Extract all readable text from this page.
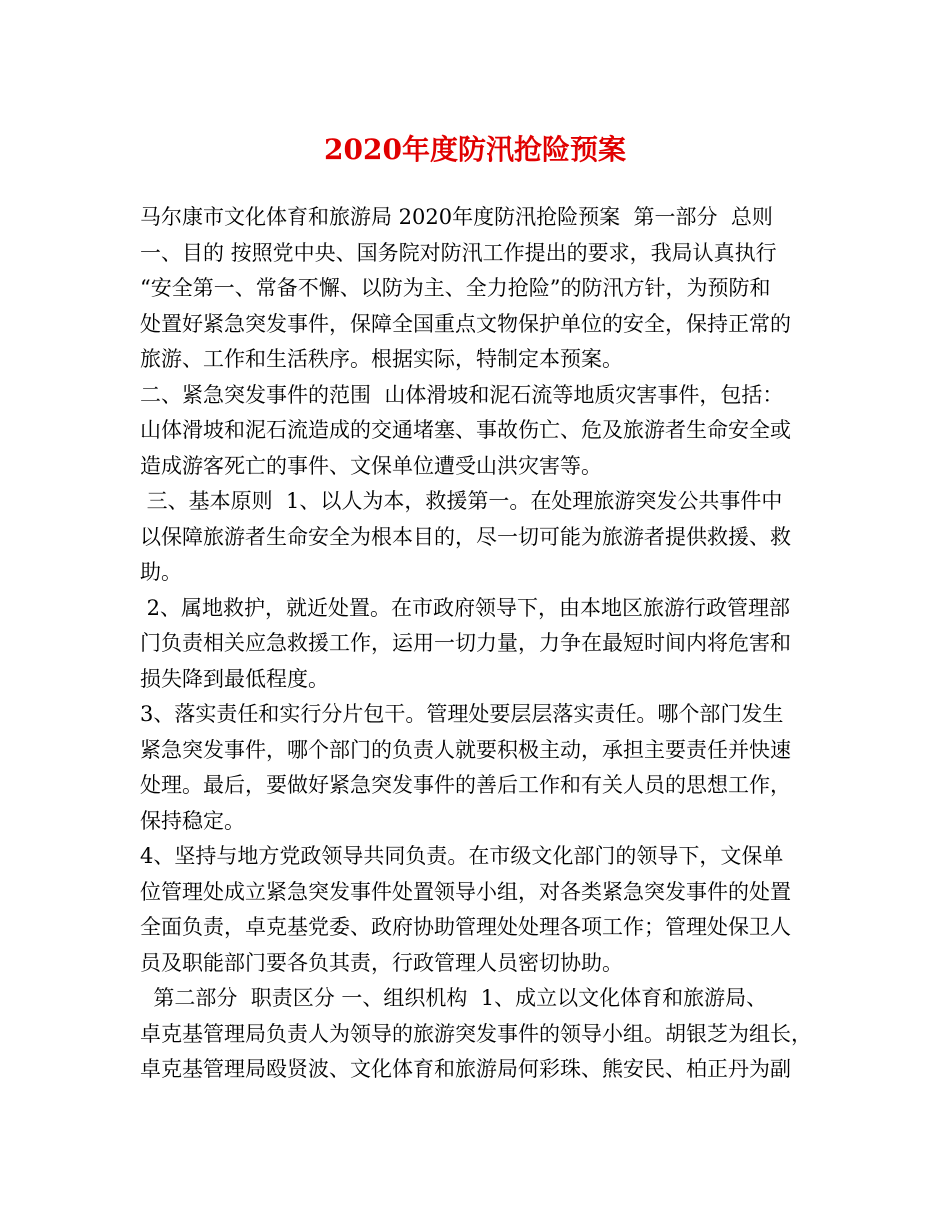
2020年度防汛抢险预案
马尔康市文化体育和旅游局 2020年度防汛抢险预案  第一部分  总则
一、目的 按照党中央、国务院对防汛工作提出的要求，我局认真执行
“安全第一、常备不懈、以防为主、全力抢险”的防汛方针，为预防和
处置好紧急突发事件，保障全国重点文物保护单位的安全，保持正常的
旅游、工作和生活秩序。根据实际，特制定本预案。
二、紧急突发事件的范围  山体滑坡和泥石流等地质灾害事件，包括：
山体滑坡和泥石流造成的交通堵塞、事故伤亡、危及旅游者生命安全或
造成游客死亡的事件、文保单位遭受山洪灾害等。
三、基本原则  1、以人为本，救援第一。在处理旅游突发公共事件中
以保障旅游者生命安全为根本目的，尽一切可能为旅游者提供救援、救
助。
2、属地救护，就近处置。在市政府领导下，由本地区旅游行政管理部
门负责相关应急救援工作，运用一切力量，力争在最短时间内将危害和
损失降到最低程度。
3、落实责任和实行分片包干。管理处要层层落实责任。哪个部门发生
紧急突发事件，哪个部门的负责人就要积极主动，承担主要责任并快速
处理。最后，要做好紧急突发事件的善后工作和有关人员的思想工作，
保持稳定。
4、坚持与地方党政领导共同负责。在市级文化部门的领导下，文保单
位管理处成立紧急突发事件处置领导小组，对各类紧急突发事件的处置
全面负责，卓克基党委、政府协助管理处处理各项工作；管理处保卫人
员及职能部门要各负其责，行政管理人员密切协助。
第二部分  职责区分 一、组织机构  1、成立以文化体育和旅游局、
卓克基管理局负责人为领导的旅游突发事件的领导小组。胡银芝为组长，
卓克基管理局殴贤波、文化体育和旅游局何彩珠、熊安民、柏正丹为副
